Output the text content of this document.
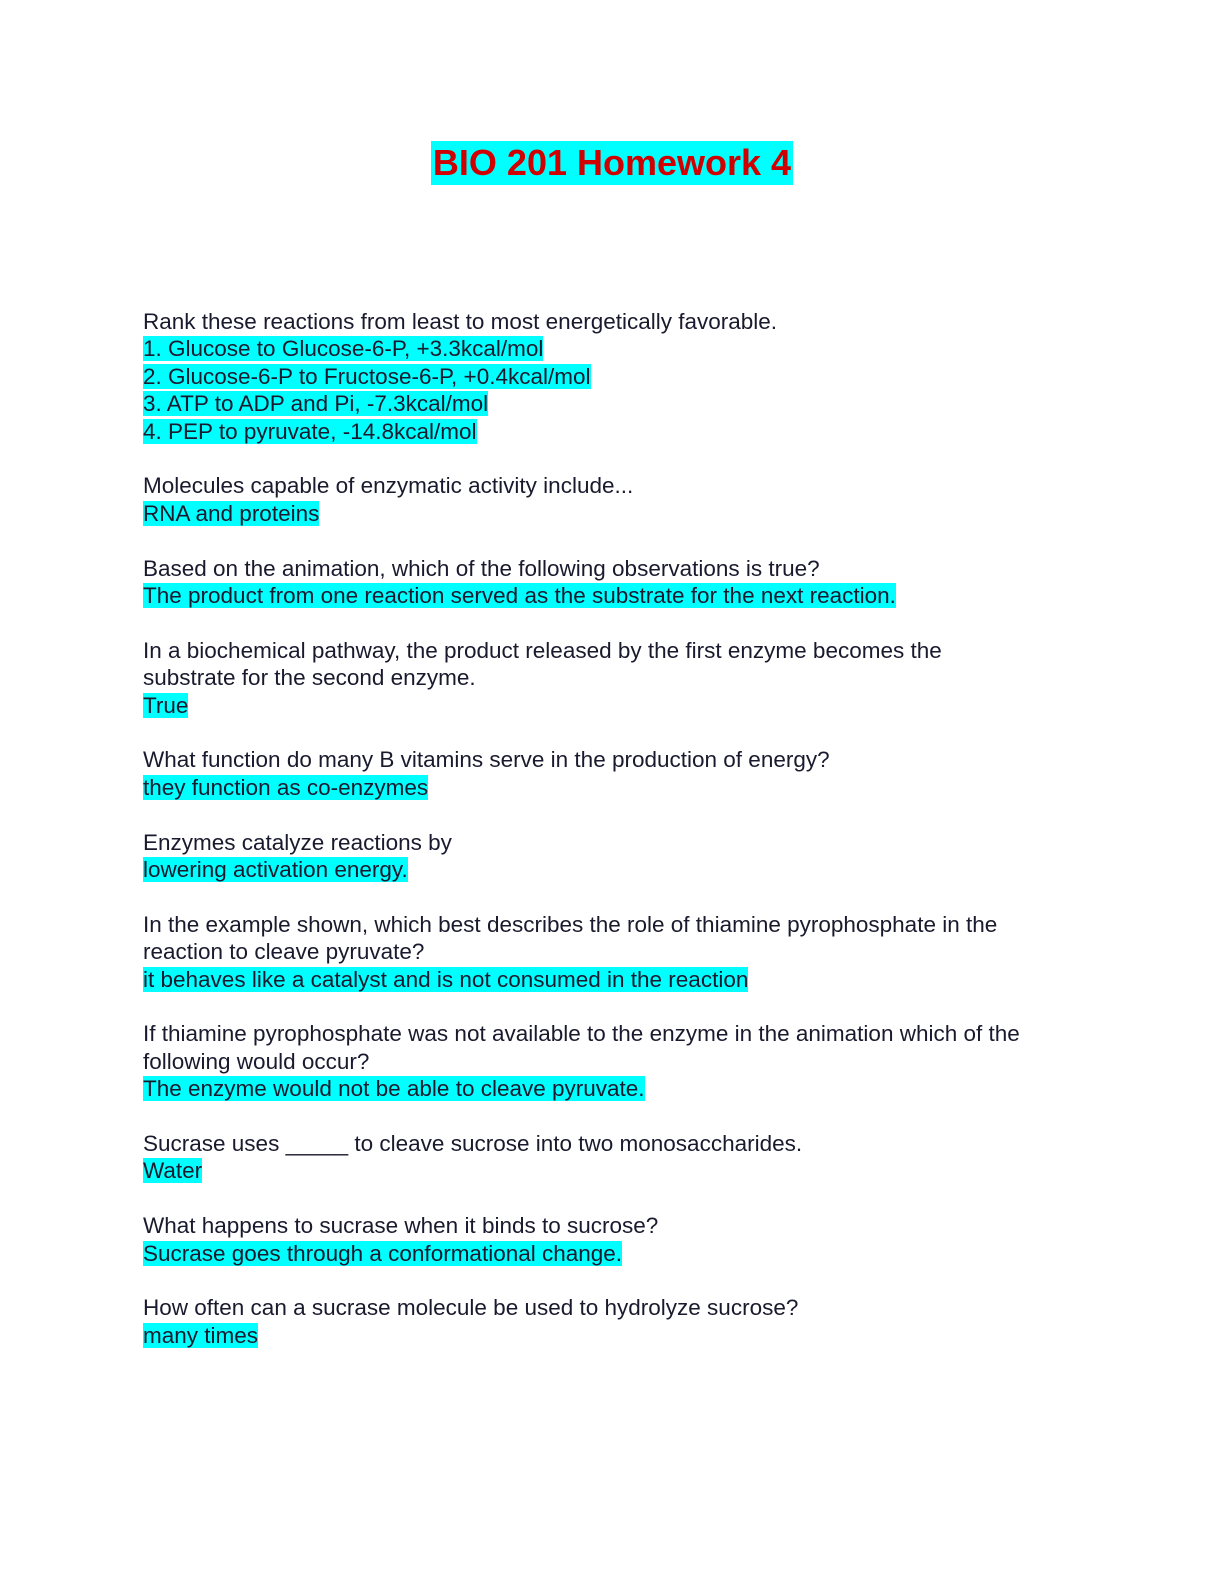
BIO 201 Homework 4
Rank these reactions from least to most energetically favorable.
1. Glucose to Glucose-6-P, +3.3kcal/mol
2. Glucose-6-P to Fructose-6-P, +0.4kcal/mol
3. ATP to ADP and Pi, -7.3kcal/mol
4. PEP to pyruvate, -14.8kcal/mol
Molecules capable of enzymatic activity include...
RNA and proteins
Based on the animation, which of the following observations is true?
The product from one reaction served as the substrate for the next reaction.
In a biochemical pathway, the product released by the first enzyme becomes the
substrate for the second enzyme.
True
What function do many B vitamins serve in the production of energy?
they function as co-enzymes
Enzymes catalyze reactions by
lowering activation energy.
In the example shown, which best describes the role of thiamine pyrophosphate in the
reaction to cleave pyruvate?
it behaves like a catalyst and is not consumed in the reaction
If thiamine pyrophosphate was not available to the enzyme in the animation which of the
following would occur?
The enzyme would not be able to cleave pyruvate.
Sucrase uses _____ to cleave sucrose into two monosaccharides.
Water
What happens to sucrase when it binds to sucrose?
Sucrase goes through a conformational change.
How often can a sucrase molecule be used to hydrolyze sucrose?
many times
